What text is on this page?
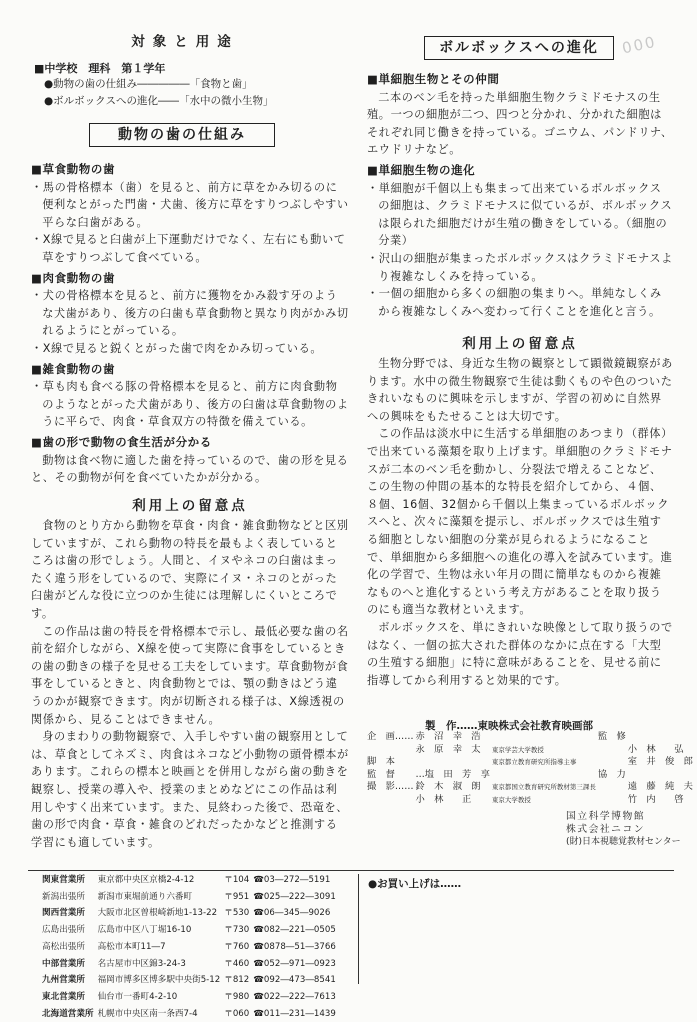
000
対象と用途
■中学校　理科　第１学年
●動物の歯の仕組み―――――「食物と歯」
●ボルボックスへの進化――「水中の微小生物」
動物の歯の仕組み
■草食動物の歯
・馬の骨格標本（歯）を見ると、前方に草をかみ切るのに便利なとがった門歯・犬歯、後方に草をすりつぶしやすい平らな臼歯がある。
・X線で見ると臼歯が上下運動だけでなく、左右にも動いて草をすりつぶして食べている。
■肉食動物の歯
・犬の骨格標本を見ると、前方に獲物をかみ殺す牙のような犬歯があり、後方の臼歯も草食動物と異なり肉がかみ切れるようにとがっている。
・X線で見ると鋭くとがった歯で肉をかみ切っている。
■雑食動物の歯
・草も肉も食べる豚の骨格標本を見ると、前方に肉食動物のようなとがった犬歯があり、後方の臼歯は草食動物のように平らで、肉食・草食双方の特徴を備えている。
■歯の形で動物の食生活が分かる
動物は食べ物に適した歯を持っているので、歯の形を見ると、その動物が何を食べていたかが分かる。
利用上の留意点
食物のとり方から動物を草食・肉食・雑食動物などと区別していますが、これら動物の特長を最もよく表しているところは歯の形でしょう。人間と、イヌやネコの臼歯はまったく違う形をしているので、実際にイヌ・ネコのとがった臼歯がどんな役に立つのか生徒には理解しにくいところです。
この作品は歯の特長を骨格標本で示し、最低必要な歯の名前を紹介しながら、X線を使って実際に食事をしているときの歯の動きの様子を見せる工夫をしています。草食動物が食事をしているときと、肉食動物とでは、顎の動きはどう違うのかが観察できます。肉が切断される様子は、X線透視の関係から、見ることはできません。
身のまわりの動物観察で、入手しやすい歯の観察用としては、草食としてネズミ、肉食はネコなど小動物の頭骨標本があります。これらの標本と映画とを併用しながら歯の動きを観察し、授業の導入や、授業のまとめなどにこの作品は利用しやすく出来ています。また、見終わった後で、恐竜を、歯の形で肉食・草食・雑食のどれだったかなどと推測する学習にも適しています。
ボルボックスへの進化
■単細胞生物とその仲間
二本のベン毛を持った単細胞生物クラミドモナスの生殖。一つの細胞が二つ、四つと分かれ、分かれた細胞はそれぞれ同じ働きを持っている。ゴニウム、パンドリナ、エウドリナなど。
■単細胞生物の進化
・単細胞が千個以上も集まって出来ているボルボックスの細胞は、クラミドモナスに似ているが、ボルボックスは限られた細胞だけが生殖の働きをしている。（細胞の分業）
・沢山の細胞が集まったボルボックスはクラミドモナスより複雑なしくみを持っている。
・一個の細胞から多くの細胞の集まりへ。単純なしくみから複雑なしくみへ変わって行くことを進化と言う。
利用上の留意点
生物分野では、身近な生物の観察として顕微鏡観察があります。水中の微生物観察で生徒は動くものや色のついたきれいなものに興味を示しますが、学習の初めに自然界への興味をもたせることは大切です。
この作品は淡水中に生活する単細胞のあつまり（群体）で出来ている藻類を取り上げます。単細胞のクラミドモナスが二本のベン毛を動かし、分裂法で増えることなど、この生物の仲間の基本的な特長を紹介してから、４個、８個、16個、32個から千個以上集まっているボルボックスへと、次々に藻類を提示し、ボルボックスでは生殖する細胞としない細胞の分業が見られるようになることで、単細胞から多細胞への進化の導入を試みています。進化の学習で、生物は永い年月の間に簡単なものから複雑なものへと進化するという考え方があることを取り扱うのにも適当な教材といえます。
ボルボックスを、単にきれいな映像として取り扱うのではなく、一個の拡大された群体のなかに点在する「大型の生殖する細胞」に特に意味があることを、見せる前に指導してから利用すると効果的です。
製　作……東映株式会社教育映画部
企　画……	赤　沼　幸　浩		監　修	
	永　原　幸　太	東京学芸大学教授		小　林　　弘
脚　本		東京都立教育研究所指導主事		室　井　俊　郎
監　督	…塩　田　芳　享		協　力	
撮　影……	鈴　木　淑　朗	東京都国立教育研究所教材第三課長		遠　藤　純　夫
	小　林　　正	東京大学教授		竹　内　　啓
国立科学博物館
株式会社ニコン
(財)日本視聴覚教材センター
関東営業所	東京都中央区京橋2-4-12	〒104	☎03―272―5191
新潟出張所	新潟市東堀前通り六番町	〒951	☎025―222―3091
関西営業所	大阪市北区曽根崎新地1-13-22	〒530	☎06―345―9026
広島出張所	広島市中区八丁堀16-10	〒730	☎082―221―0505
高松出張所	高松市本町11―7	〒760	☎0878―51―3766
中部営業所	名古屋市中区錦3-24-3	〒460	☎052―971―0923
九州営業所	福岡市博多区博多駅中央街5-12	〒812	☎092―473―8541
東北営業所	仙台市一番町4-2-10	〒980	☎022―222―7613
北海道営業所	札幌市中央区南一条西7-4	〒060	☎011―231―1439
●お買い上げは……
